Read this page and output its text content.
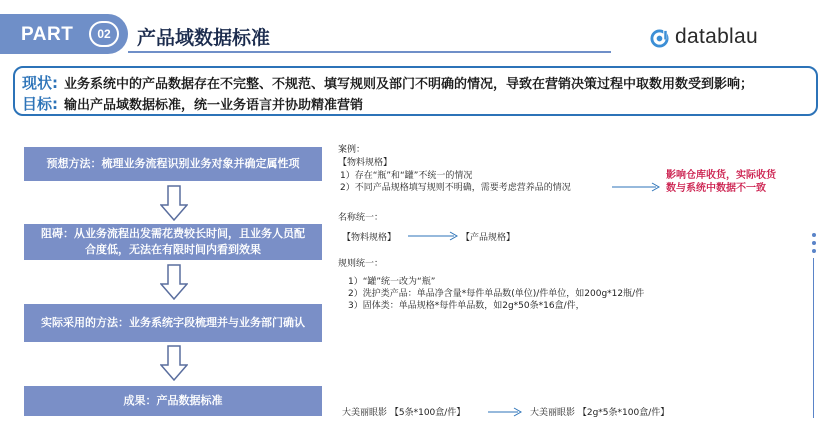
PART	02	产品域数据标准	datablau
现状: 业务系统中的产品数据存在不完整、不规范、填写规则及部门不明确的情况，导致在营销决策过程中取数用数受到影响；
目标: 输出产品域数据标准，统一业务语言并协助精准营销
预想方法：梳理业务流程识别业务对象并确定属性项
阻碍：从业务流程出发需花费较长时间，且业务人员配合度低，无法在有限时间内看到效果
实际采用的方法：业务系统字段梳理并与业务部门确认
成果：产品数据标准
案例：
【物料规格】
1）存在“瓶”和“罐”不统一的情况
2）不同产品规格填写规则不明确，需要考虑营养品的情况
影响仓库收货，实际收货
数与系统中数据不一致
名称统一：
【物料规格】	【产品规格】
规则统一：
1）“罐”统一改为“瓶”
2）洗护类产品：单品净含量*每件单品数(单位)/件单位，如200g*12瓶/件
3）固体类：单品规格*每件单品数，如2g*50条*16盒/件，
大美丽眼影 【5条*100盒/件】	大美丽眼影 【2g*5条*100盒/件】
